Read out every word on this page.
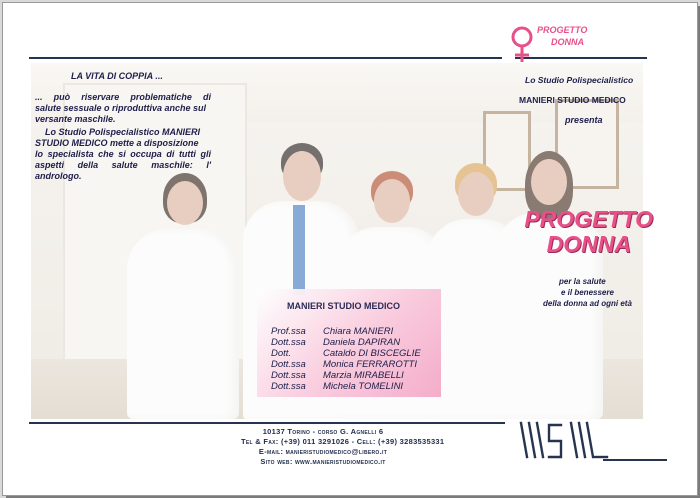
PROGETTO
DONNA
LA VITA DI COPPIA ...
... può riservare problematiche di
salute sessuale o riproduttiva anche sul
versante maschile.
Lo Studio Polispecialistico MANIERI
STUDIO MEDICO mette a disposizione
lo specialista che si occupa di tutti gli
aspetti della salute maschile: l'
andrologo.
Lo Studio Polispecialistico
MANIERI STUDIO MEDICO
presenta
PROGETTO
DONNA
per la salute
e il benessere
della donna ad ogni età
MANIERI STUDIO MEDICO
Prof.ssa Chiara MANIERI
Dott.ssa Daniela DAPIRAN
Dott.	Cataldo DI BISCEGLIE
Dott.ssa Monica FERRAROTTI
Dott.ssa Marzia MIRABELLI
Dott.ssa Michela TOMELINI
10137 Torino - corso G. Agnelli 6
Tel & Fax: (+39) 011 3291026 - Cell: (+39) 3283535331
E-mail: manieristudiomedico@libero.it
Sito web: www.manieristudiomedico.it
